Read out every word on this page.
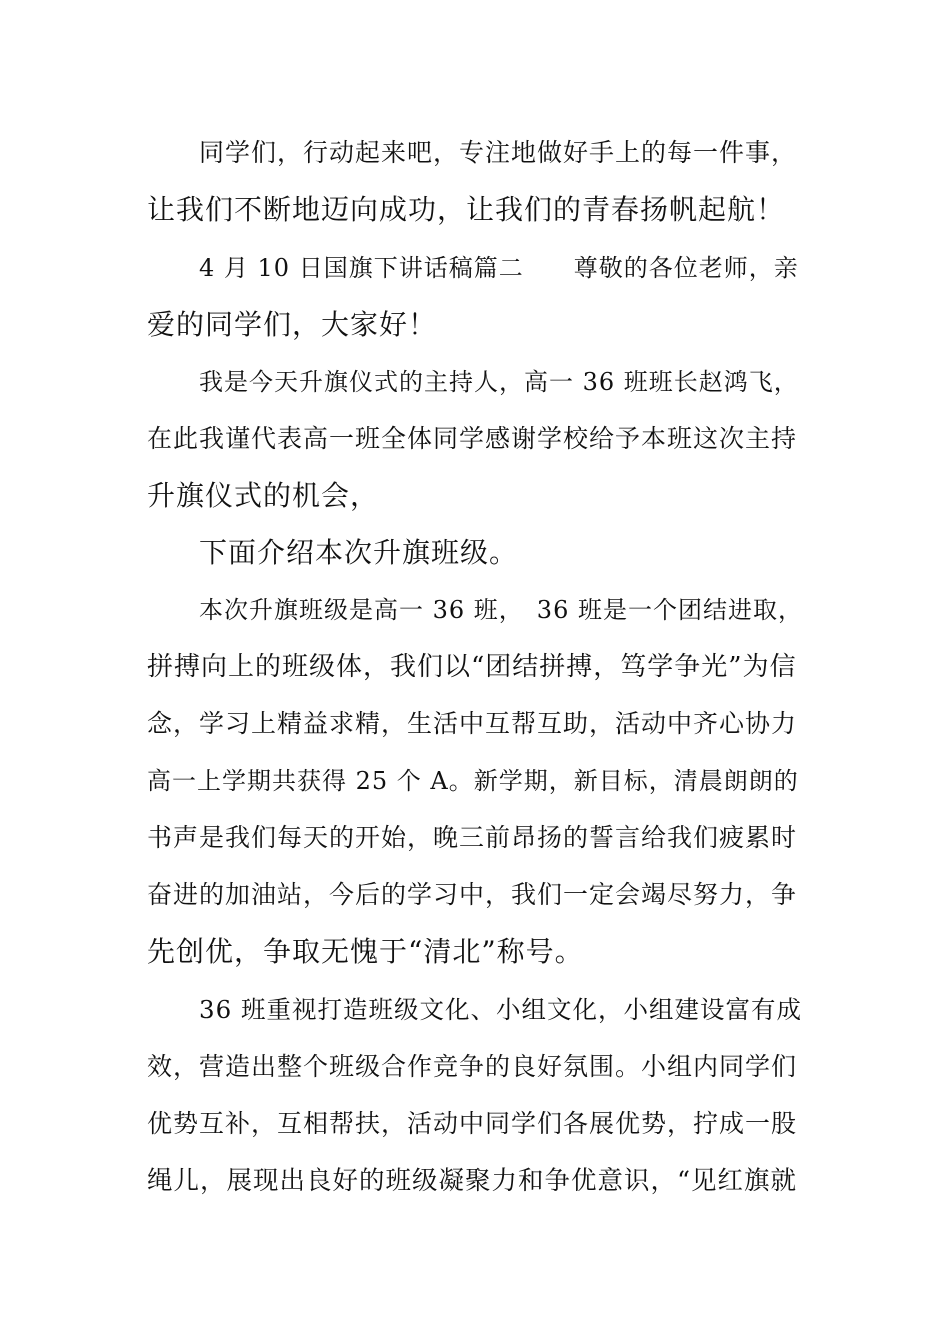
同学们，行动起来吧，专注地做好手上的每一件事，
让我们不断地迈向成功，让我们的青春扬帆起航！
4 月 10 日国旗下讲话稿篇二　　尊敬的各位老师，亲
爱的同学们，大家好！
我是今天升旗仪式的主持人，高一 36 班班长赵鸿飞，
在此我谨代表高一班全体同学感谢学校给予本班这次主持
升旗仪式的机会，
下面介绍本次升旗班级。
本次升旗班级是高一 36 班，　36 班是一个团结进取，
拼搏向上的班级体，我们以“团结拼搏，笃学争光”为信
念，学习上精益求精，生活中互帮互助，活动中齐心协力
高一上学期共获得 25 个 A。新学期，新目标，清晨朗朗的
书声是我们每天的开始，晚三前昂扬的誓言给我们疲累时
奋进的加油站，今后的学习中，我们一定会竭尽努力，争
先创优，争取无愧于“清北”称号。
36 班重视打造班级文化、小组文化，小组建设富有成
效，营造出整个班级合作竞争的良好氛围。小组内同学们
优势互补，互相帮扶，活动中同学们各展优势，拧成一股
绳儿，展现出良好的班级凝聚力和争优意识，“见红旗就
